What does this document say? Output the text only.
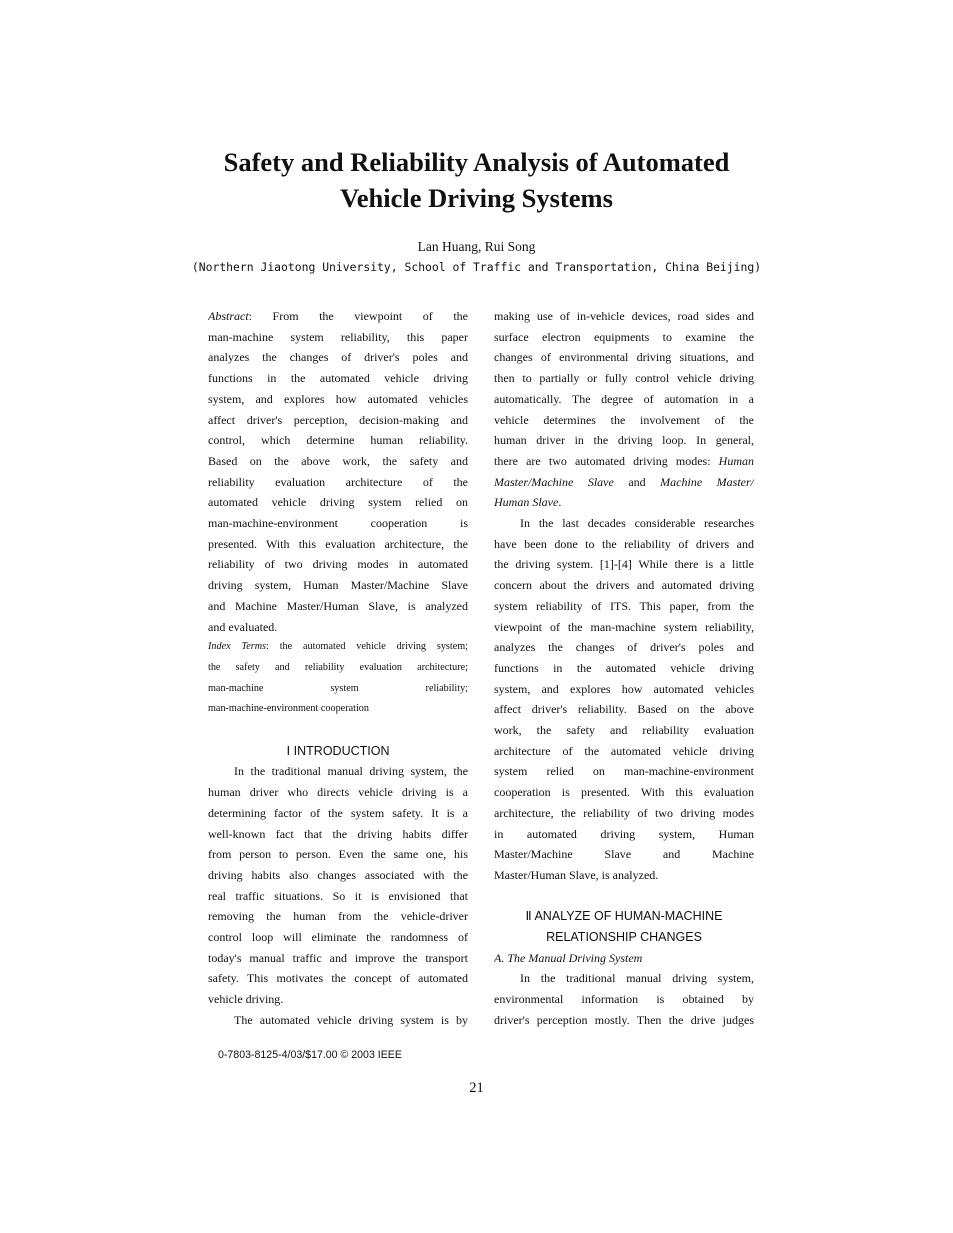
Safety and Reliability Analysis of Automated
Vehicle Driving Systems
Lan Huang, Rui Song
(Northern Jiaotong University, School of Traffic and Transportation, China Beijing)
Abstract: From the viewpoint of the
man-machine system reliability, this paper
analyzes the changes of driver's poles and
functions in the automated vehicle driving
system, and explores how automated vehicles
affect driver's perception, decision-making and
control, which determine human reliability.
Based on the above work, the safety and
reliability evaluation architecture of the
automated vehicle driving system relied on
man-machine-environment cooperation is
presented. With this evaluation architecture, the
reliability of two driving modes in automated
driving system, Human Master/Machine Slave
and Machine Master/Human Slave, is analyzed
and evaluated.
Index Terms: the automated vehicle driving system;
the safety and reliability evaluation architecture;
man-machine system reliability;
man-machine-environment cooperation
Ⅰ INTRODUCTION
In the traditional manual driving system, the
human driver who directs vehicle driving is a
determining factor of the system safety. It is a
well-known fact that the driving habits differ
from person to person. Even the same one, his
driving habits also changes associated with the
real traffic situations. So it is envisioned that
removing the human from the vehicle-driver
control loop will eliminate the randomness of
today's manual traffic and improve the transport
safety. This motivates the concept of automated
vehicle driving.
The automated vehicle driving system is by
making use of in-vehicle devices, road sides and
surface electron equipments to examine the
changes of environmental driving situations, and
then to partially or fully control vehicle driving
automatically. The degree of automation in a
vehicle determines the involvement of the
human driver in the driving loop. In general,
there are two automated driving modes: Human
Master/Machine Slave and Machine Master/
Human Slave.
In the last decades considerable researches
have been done to the reliability of drivers and
the driving system. [1]-[4] While there is a little
concern about the drivers and automated driving
system reliability of ITS. This paper, from the
viewpoint of the man-machine system reliability,
analyzes the changes of driver's poles and
functions in the automated vehicle driving
system, and explores how automated vehicles
affect driver's reliability. Based on the above
work, the safety and reliability evaluation
architecture of the automated vehicle driving
system relied on man-machine-environment
cooperation is presented. With this evaluation
architecture, the reliability of two driving modes
in automated driving system, Human
Master/Machine Slave and Machine
Master/Human Slave, is analyzed.
Ⅱ ANALYZE OF HUMAN-MACHINE
RELATIONSHIP CHANGES
A. The Manual Driving System
In the traditional manual driving system,
environmental information is obtained by
driver's perception mostly. Then the drive judges
0-7803-8125-4/03/$17.00 © 2003 IEEE
21
